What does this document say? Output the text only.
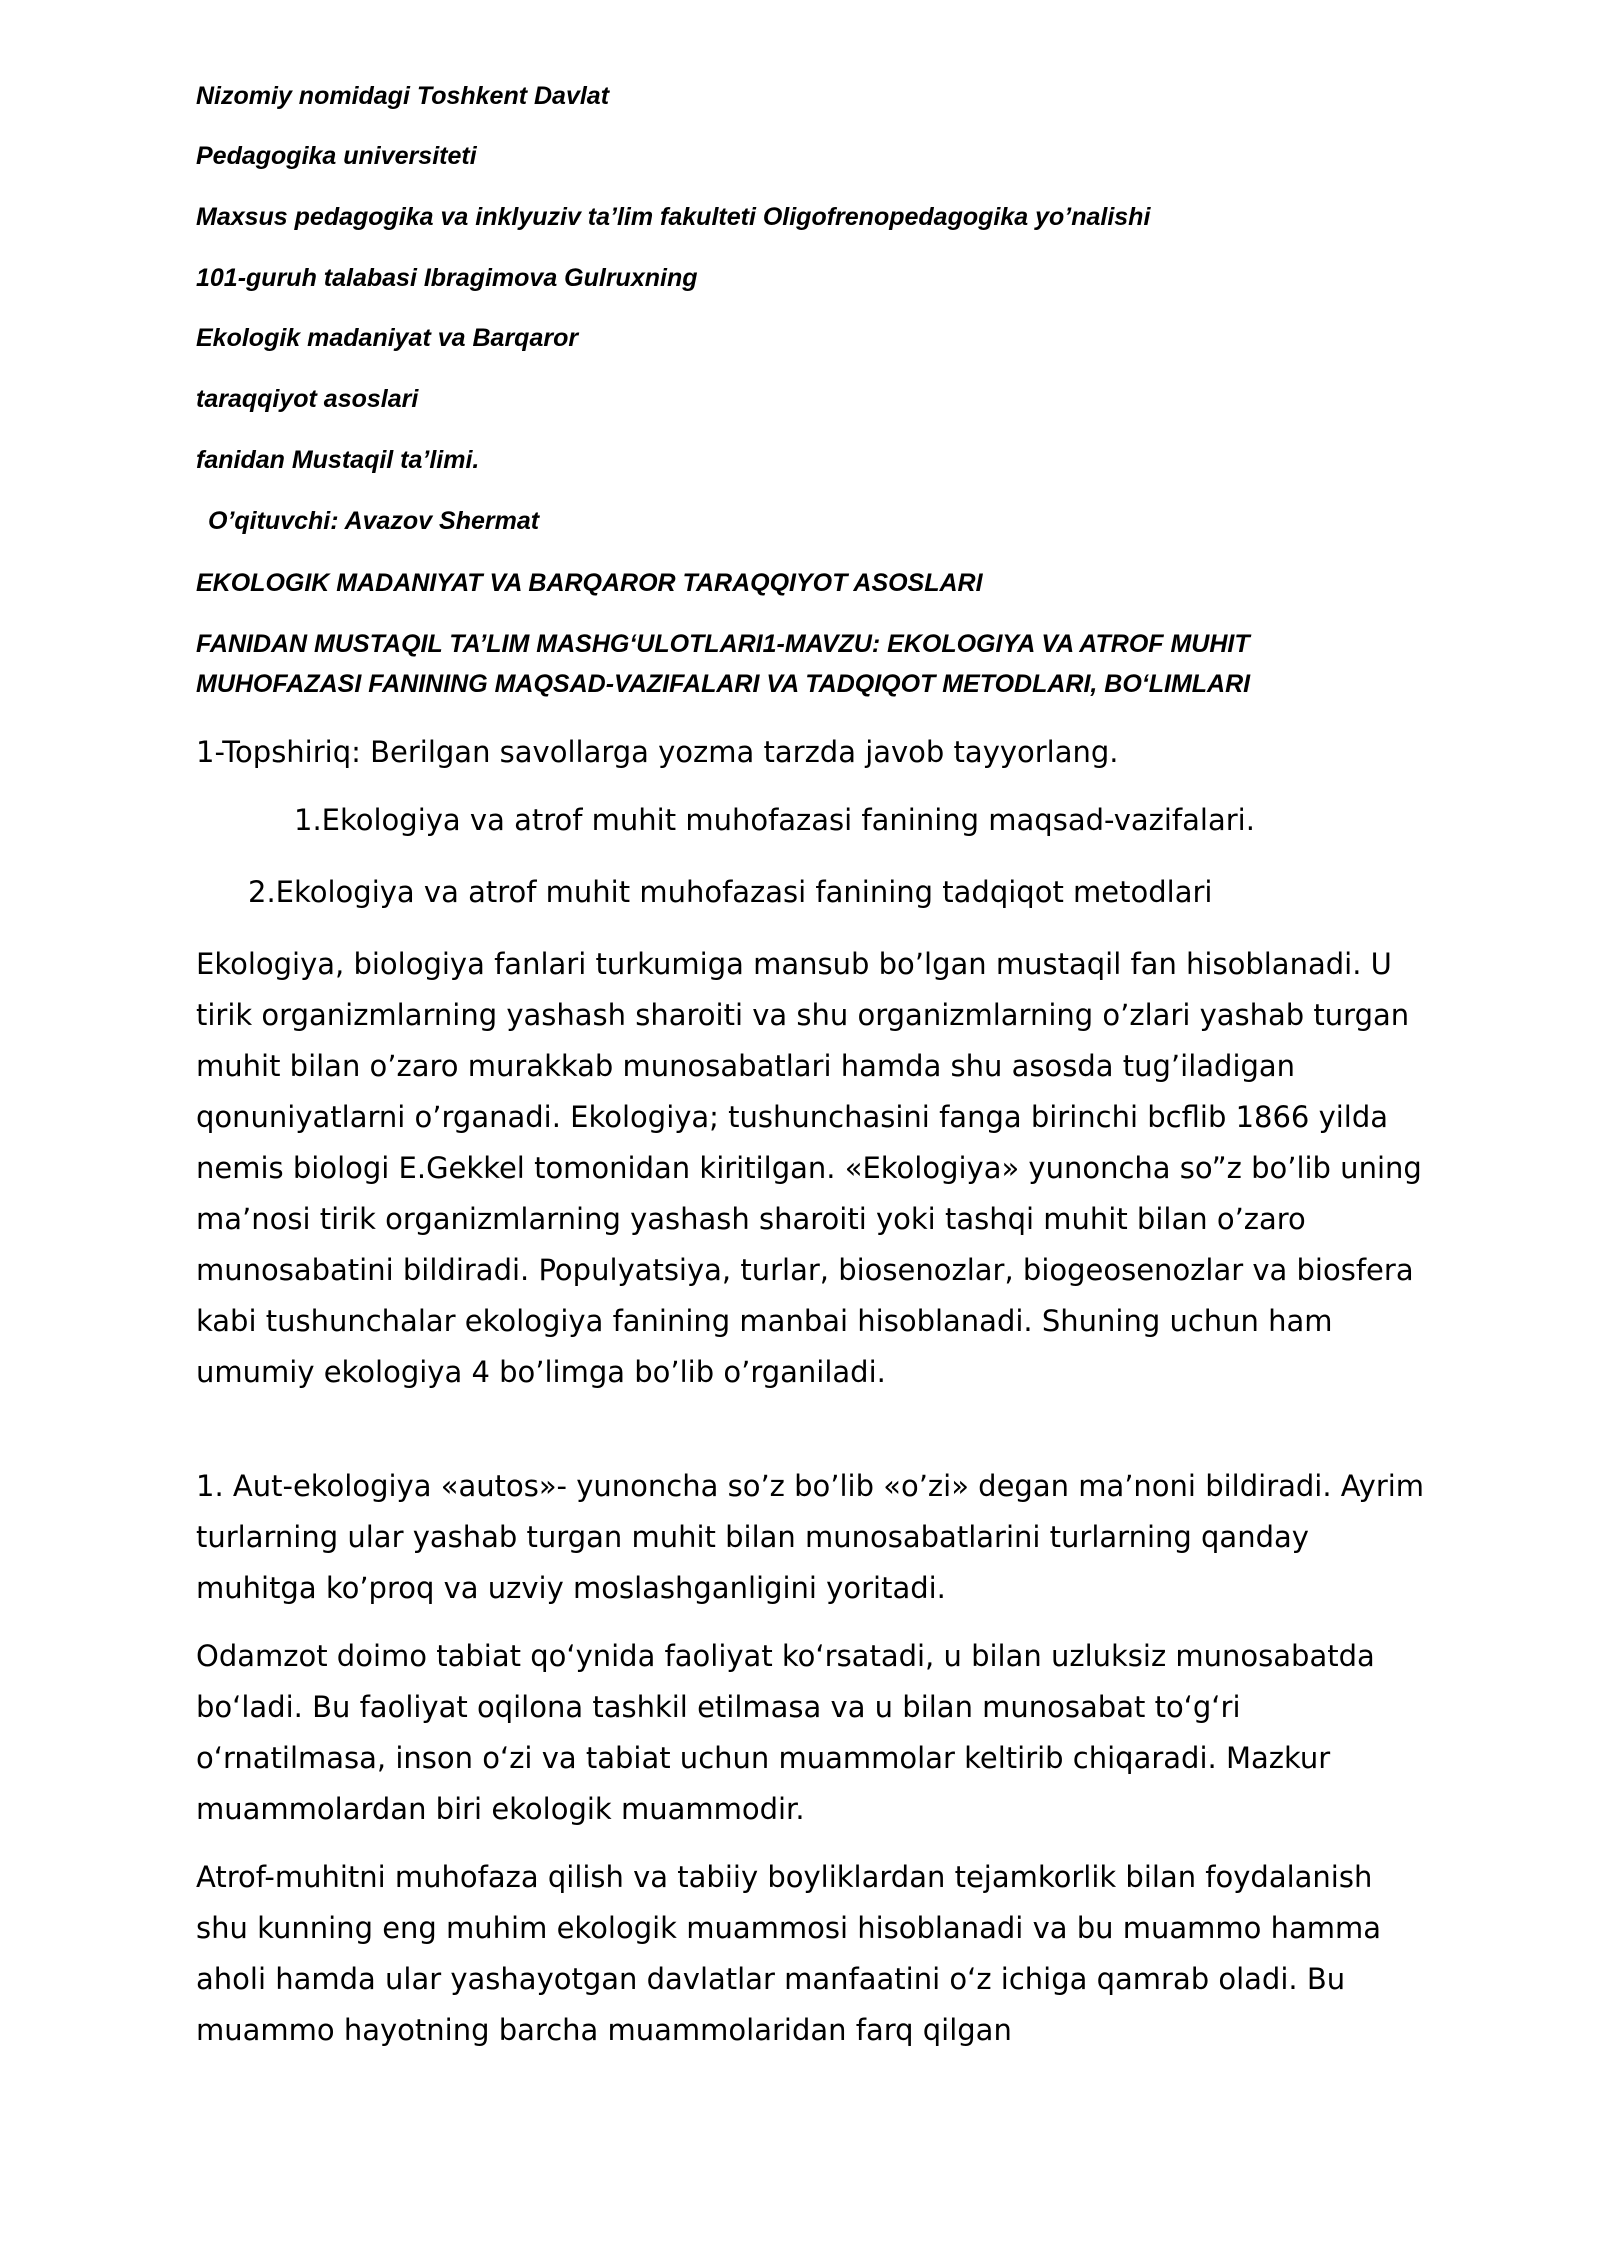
Nizomiy nomidagi Toshkent Davlat

Pedagogika universiteti

Maxsus pedagogika va inklyuziv ta’lim fakulteti Oligofrenopedagogika yo’nalishi

101-guruh talabasi Ibragimova Gulruxning

Ekologik madaniyat va Barqaror

taraqqiyot asoslari

fanidan Mustaqil ta’limi.

O’qituvchi: Avazov Shermat

EKOLOGIK MADANIYAT VA BARQAROR TARAQQIYOT ASOSLARI

FANIDAN MUSTAQIL TA’LIM MASHG‘ULOTLARI1-MAVZU: EKOLOGIYA VA ATROF MUHIT MUHOFAZASI FANINING MAQSAD-VAZIFALARI VA TADQIQOT METODLARI, BO‘LIMLARI

1-Topshiriq: Berilgan savollarga yozma tarzda javob tayyorlang.

1.Ekologiya va atrof muhit muhofazasi fanining maqsad-vazifalari.

2.Ekologiya va atrof muhit muhofazasi fanining tadqiqot metodlari

Ekologiya, biologiya fanlari turkumiga mansub bo’lgan mustaqil fan hisoblanadi. U tirik organizmlarning yashash sharoiti va shu organizmlarning o’zlari yashab turgan muhit bilan o’zaro murakkab munosabatlari hamda shu asosda tug’iladigan qonuniyatlarni o’rganadi. Ekologiya; tushunchasini fanga birinchi bcflib 1866 yilda nemis biologi E.Gekkel tomonidan kiritilgan. «Ekologiya» yunoncha so”z bo’lib uning ma’nosi tirik organizmlarning yashash sharoiti yoki tashqi muhit bilan o’zaro munosabatini bildiradi. Populyatsiya, turlar, biosenozlar, biogeosenozlar va biosfera kabi tushunchalar ekologiya fanining manbai hisoblanadi. Shuning uchun ham umumiy ekologiya 4 bo’limga bo’lib o’rganiladi.

1. Aut-ekologiya «autos»- yunoncha so’z bo’lib «o’zi» degan ma’noni bildiradi. Ayrim turlarning ular yashab turgan muhit bilan munosabatlarini turlarning qanday muhitga ko’proq va uzviy moslashganligini yoritadi.

Odamzot doimo tabiat qo‘ynida faoliyat ko‘rsatadi, u bilan uzluksiz munosabatda bo‘ladi. Bu faoliyat oqilona tashkil etilmasa va u bilan munosabat to‘g‘ri o‘rnatilmasa, inson o‘zi va tabiat uchun muammolar keltirib chiqaradi. Mazkur muammolardan biri ekologik muammodir.

Atrof-muhitni muhofaza qilish va tabiiy boyliklardan tejamkorlik bilan foydalanish shu kunning eng muhim ekologik muammosi hisoblanadi va bu muammo hamma aholi hamda ular yashayotgan davlatlar manfaatini o‘z ichiga qamrab oladi. Bu muammo hayotning barcha muammolaridan farq qilgan
